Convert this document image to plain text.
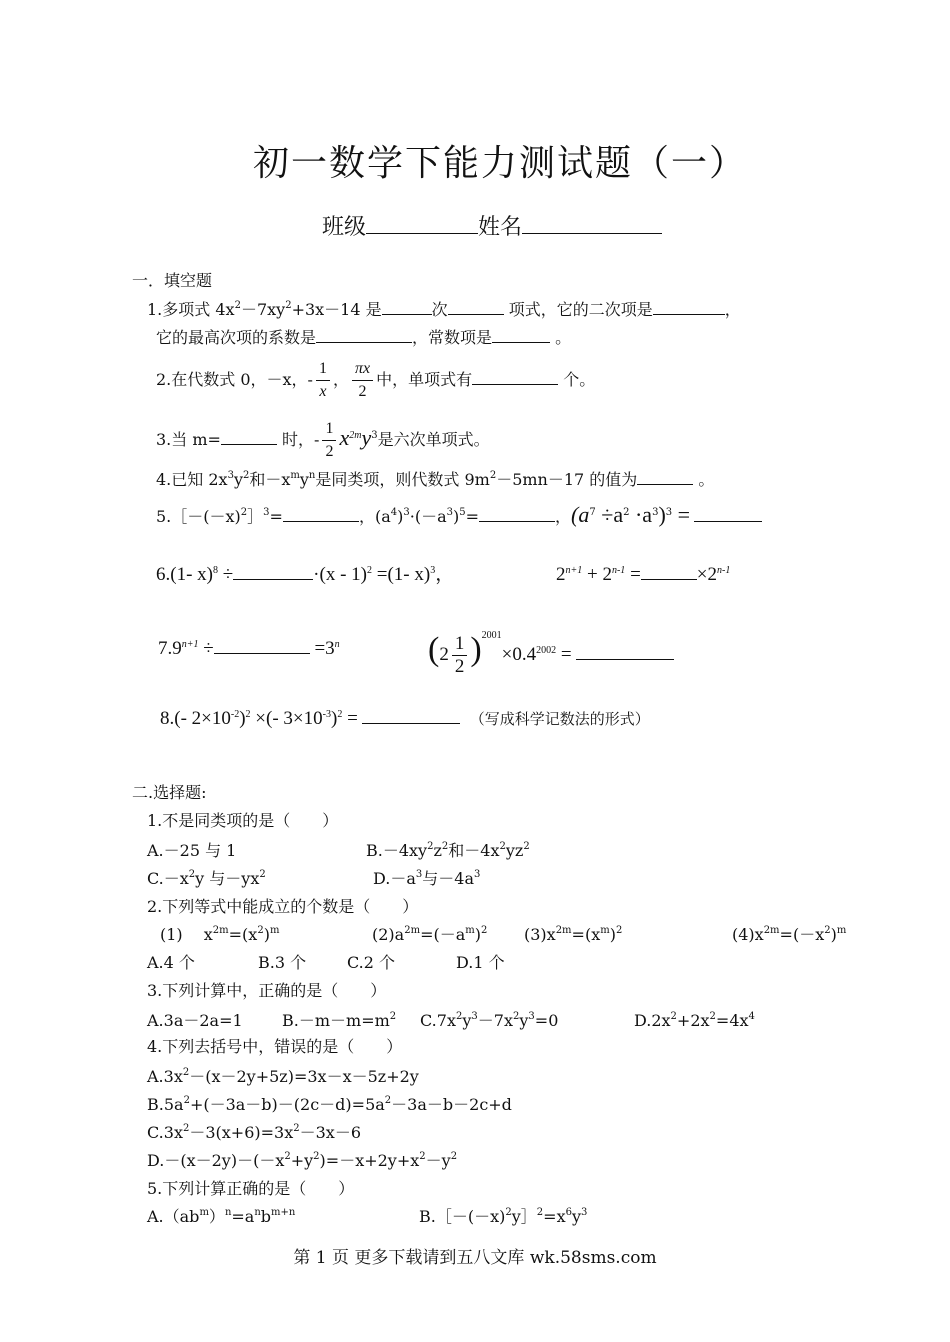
初一数学下能力测试题（一）
班级	姓名
一．填空题
1.多项式 $4x^2-7xy^2+3x-14$ 是	次	项式，它的二次项是	，
它的最高次项的系数是	，常数项是	。
2.在代数式 0，－x，- $\frac{1}{x}$ ， $\frac{\pi x}{2}$ 中，单项式有	个。
3.当 m=	时，- $\frac{1}{2} x^{2m}y^3$是六次单项式。
4.已知 $2x^3y^2$和$-x^my^n$是同类项，则代数式 $9m^2-5mn-17$ 的值为	。
$5.[-(-x)^2]^3=$	，$(a^4)^3\cdot(-a^3)^5=$	，$(a^7 \div a^2 \cdot a^3)^3$ =
6.(1- x)$^8$ ÷	·(x - 1)$^2$ =(1- x)$^3$，	$2^{n+1} + 2^{n-1}$ =	$\times 2^{n-1}$
$7.9^{n+1}$ ÷	$=3^n$	$(2 \frac{1}{2} )^{2001}\times 0.4^{2002}$ =
8.(- $2\times 10^{-2})^2$ ×(- $3\times 10^{-3})^2$ =	（写成科学记数法的形式）
二.选择题:
1.不是同类项的是（　　）
A.－25 与 1	$B.-4xy^2z^2$和$-4x^2yz^2$
$C.-x^2y$ 与$-yx^2$	$D.-a^3$与$-4a^3$
2.下列等式中能成立的个数是（　　）
(1)　 $x^{2m}=(x^2)^m$	$(2)a^{2m}=(-a^m)^2$ $(3)x^{2m}=(x^m)^2$	$(4)x^{2m}=(-x^2)^m$
A.4 个	B.3 个	C.2 个	D.1 个
3.下列计算中，正确的是（　　）
A.3a－2a=1 $B.-m-m=m^2$ $C.7x^2y^3-7x^2y^3=0$	$D.2x^2+2x^2=4x^4$
4.下列去括号中，错误的是（　　）
$A.3x^2-(x-2y+5z)=3x-x-5z+2y$
$B.5a^2+(-3a-b)-(2c-d)=5a^2-3a-b-2c+d$
$C.3x^2-3(x+6)=3x^2-3x-6$
$D.-(x-2y)-(-x^2+y^2)=-x+2y+x^2-y^2$
5.下列计算正确的是（　　）
$A.(ab^m)^n=a^nb^{m+n}$	$B.[-(-x)^2y]^2=x^6y^3$
第 1 页 更多下载请到五八文库 wk.58sms.com
